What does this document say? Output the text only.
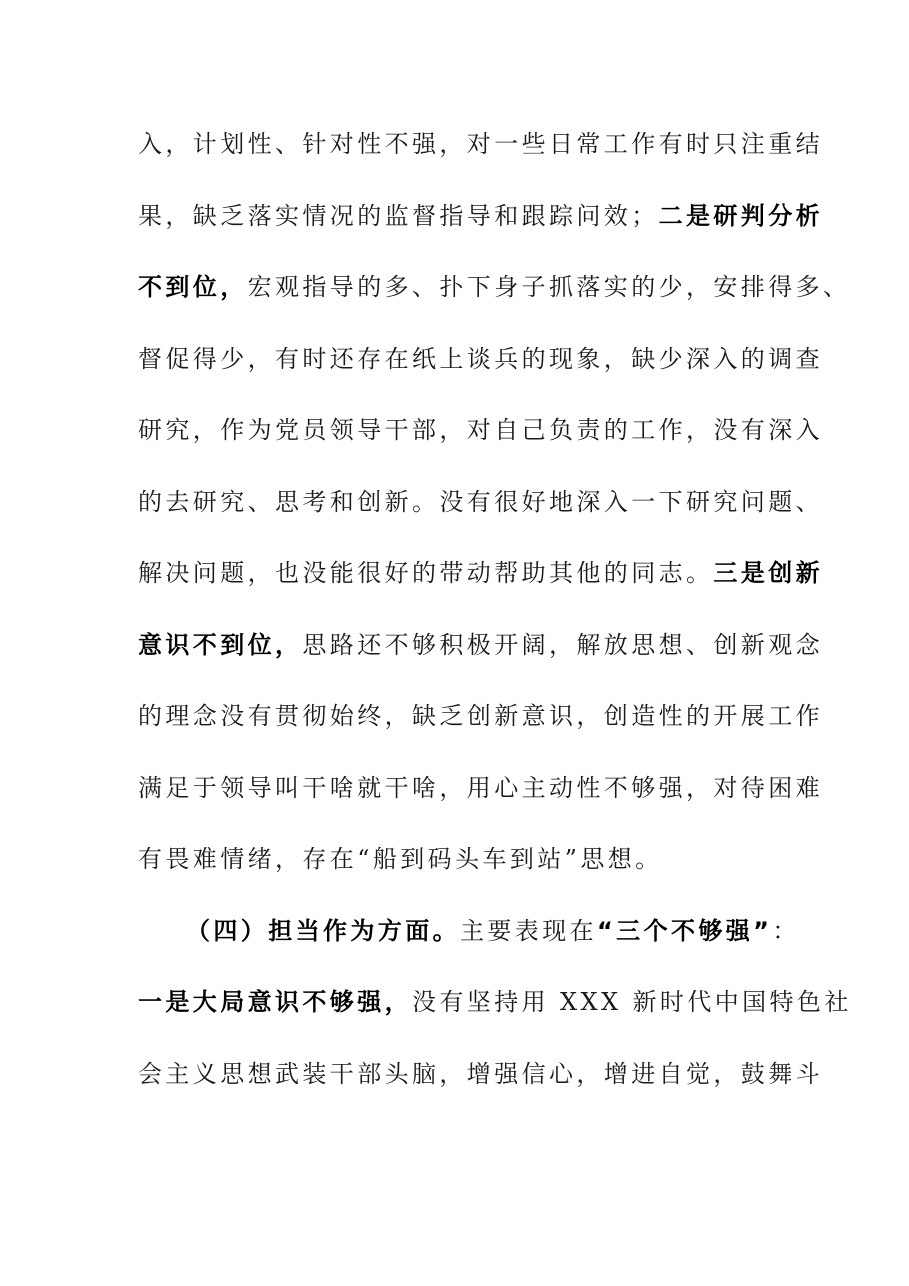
入，计划性、针对性不强，对一些日常工作有时只注重结
果，缺乏落实情况的监督指导和跟踪问效；二是研判分析
不到位，宏观指导的多、扑下身子抓落实的少，安排得多、
督促得少，有时还存在纸上谈兵的现象，缺少深入的调查
研究，作为党员领导干部，对自己负责的工作，没有深入
的去研究、思考和创新。没有很好地深入一下研究问题、
解决问题，也没能很好的带动帮助其他的同志。三是创新
意识不到位，思路还不够积极开阔，解放思想、创新观念
的理念没有贯彻始终，缺乏创新意识，创造性的开展工作
满足于领导叫干啥就干啥，用心主动性不够强，对待困难
有畏难情绪，存在“船到码头车到站”思想。
（四）担当作为方面。主要表现在“三个不够强”：
一是大局意识不够强，没有坚持用 XXX 新时代中国特色社
会主义思想武装干部头脑，增强信心，增进自觉，鼓舞斗
